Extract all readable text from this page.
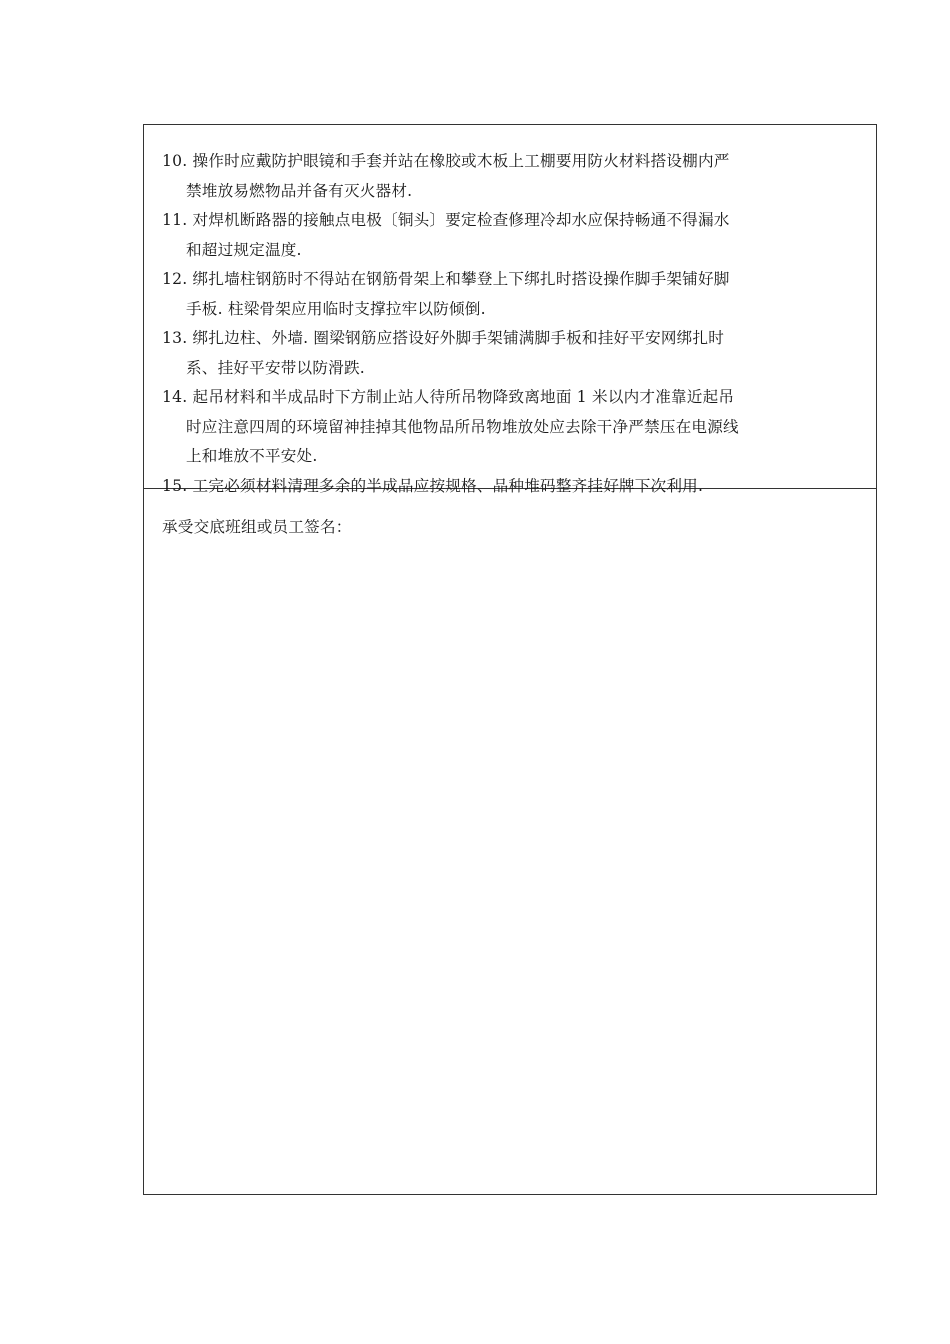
10. 操作时应戴防护眼镜和手套并站在橡胶或木板上工棚要用防火材料搭设棚内严
禁堆放易燃物品并备有灭火器材.

11. 对焊机断路器的接触点电极〔铜头〕要定检查修理冷却水应保持畅通不得漏水
和超过规定温度.

12. 绑扎墙柱钢筋时不得站在钢筋骨架上和攀登上下绑扎时搭设操作脚手架铺好脚
手板. 柱梁骨架应用临时支撑拉牢以防倾倒.

13. 绑扎边柱、外墙. 圈梁钢筋应搭设好外脚手架铺满脚手板和挂好平安网绑扎时
系、挂好平安带以防滑跌.

14. 起吊材料和半成品时下方制止站人待所吊物降致离地面 1 米以内才准靠近起吊
时应注意四周的环境留神挂掉其他物品所吊物堆放处应去除干净严禁压在电源线
上和堆放不平安处.

15. 工完必须材料清理多余的半成品应按规格、品种堆码整齐挂好牌下次利用.

承受交底班组或员工签名：
